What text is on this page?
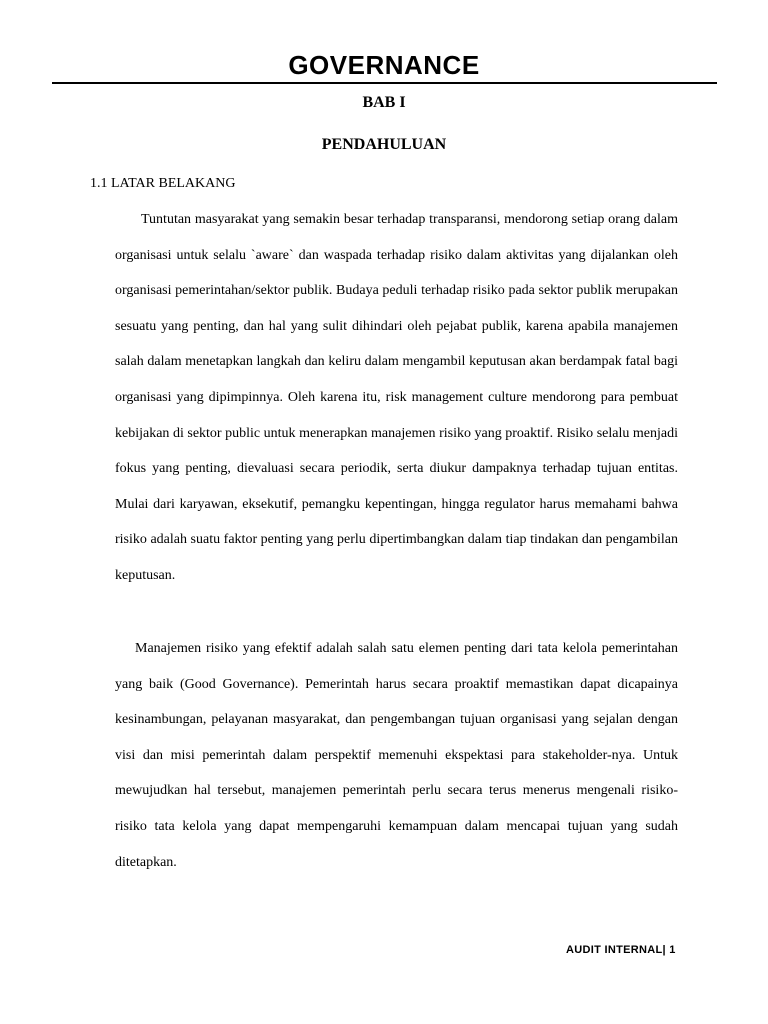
GOVERNANCE
BAB I
PENDAHULUAN
1.1 LATAR BELAKANG

Tuntutan masyarakat yang semakin besar terhadap transparansi, mendorong setiap orang dalam organisasi untuk selalu `aware` dan waspada terhadap risiko dalam aktivitas yang dijalankan oleh organisasi pemerintahan/sektor publik. Budaya peduli terhadap risiko pada sektor publik merupakan sesuatu yang penting, dan hal yang sulit dihindari oleh pejabat publik, karena apabila manajemen salah dalam menetapkan langkah dan keliru dalam mengambil keputusan akan berdampak fatal bagi organisasi yang dipimpinnya. Oleh karena itu, risk management culture mendorong para pembuat kebijakan di sektor public untuk menerapkan manajemen risiko yang proaktif. Risiko selalu menjadi fokus yang penting, dievaluasi secara periodik, serta diukur dampaknya terhadap tujuan entitas. Mulai dari karyawan, eksekutif, pemangku kepentingan, hingga regulator harus memahami bahwa risiko adalah suatu faktor penting yang perlu dipertimbangkan dalam tiap tindakan dan pengambilan keputusan.

Manajemen risiko yang efektif adalah salah satu elemen penting dari tata kelola pemerintahan yang baik (Good Governance). Pemerintah harus secara proaktif memastikan dapat dicapainya kesinambungan, pelayanan masyarakat, dan pengembangan tujuan organisasi yang sejalan dengan visi dan misi pemerintah dalam perspektif memenuhi ekspektasi para stakeholder-nya. Untuk mewujudkan hal tersebut, manajemen pemerintah perlu secara terus menerus mengenali risiko-risiko tata kelola yang dapat mempengaruhi kemampuan dalam mencapai tujuan yang sudah ditetapkan.

AUDIT INTERNAL| 1
